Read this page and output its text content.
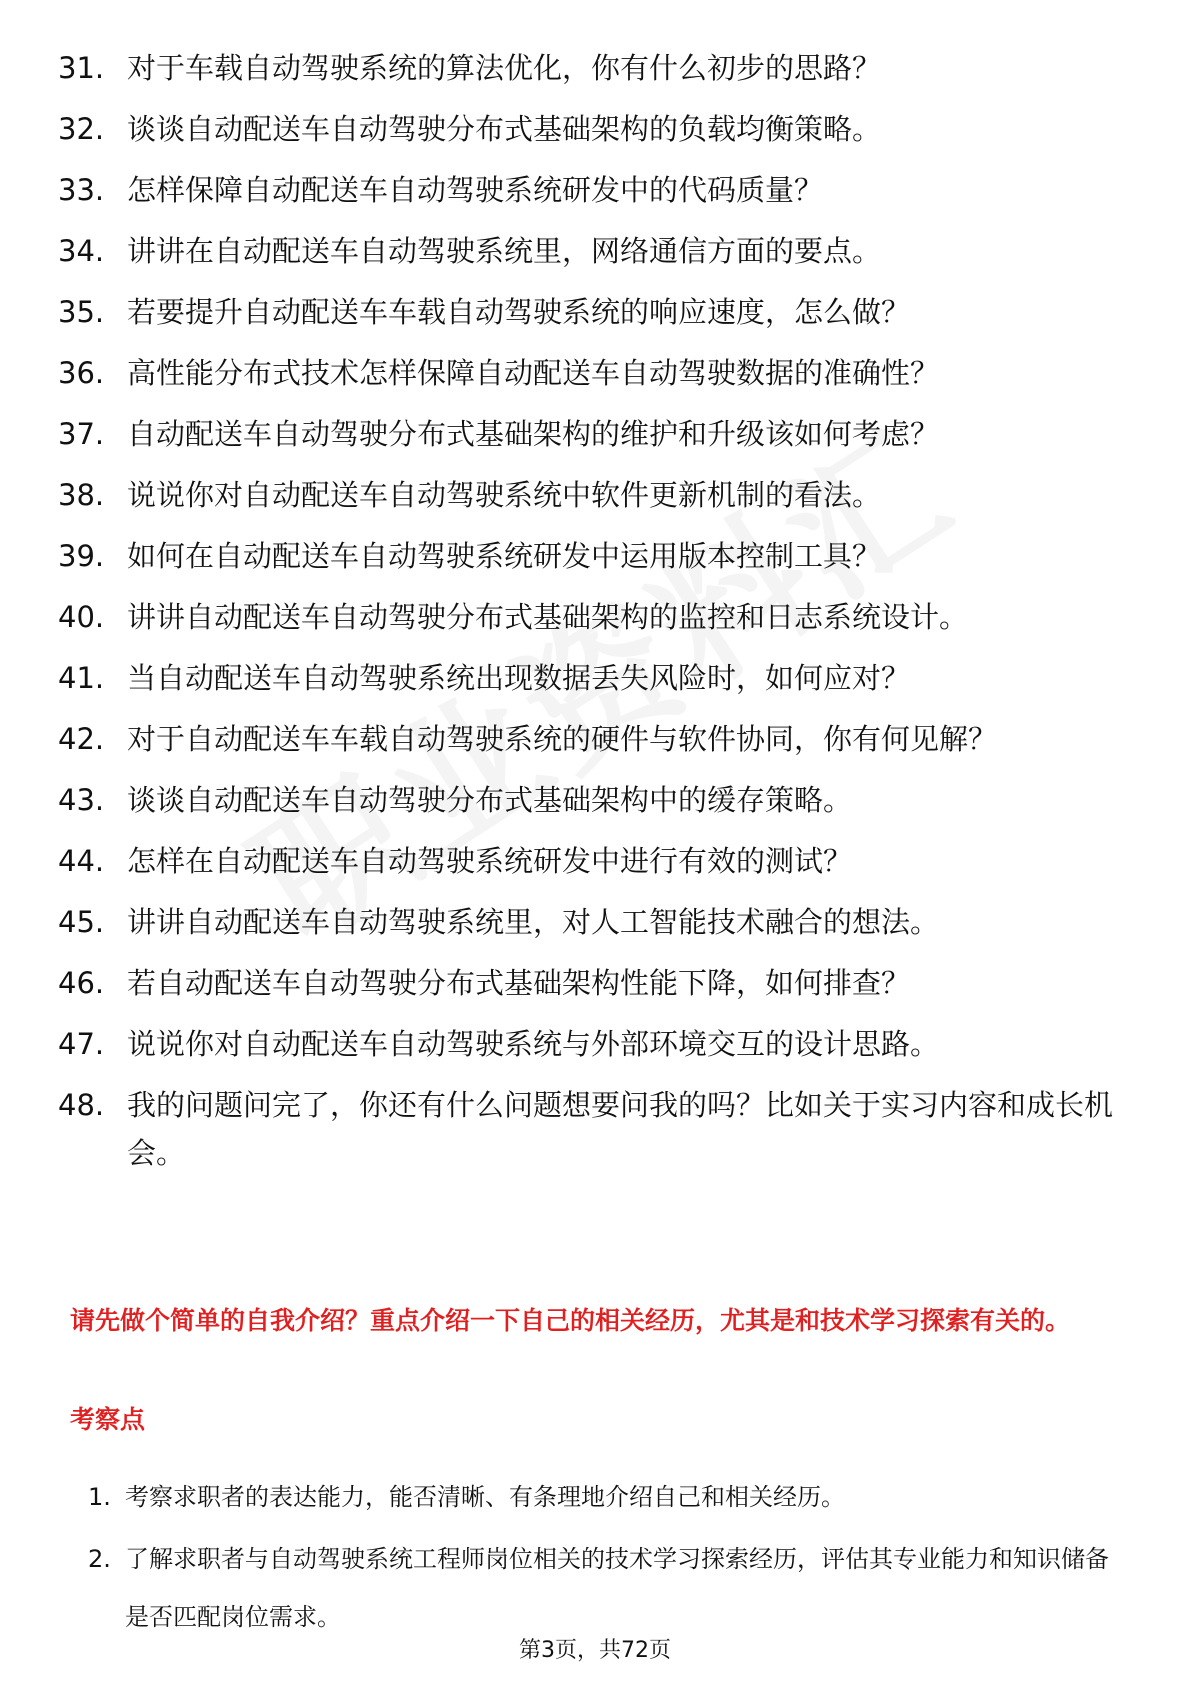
31. 对于车载自动驾驶系统的算法优化，你有什么初步的思路？
32. 谈谈自动配送车自动驾驶分布式基础架构的负载均衡策略。
33. 怎样保障自动配送车自动驾驶系统研发中的代码质量？
34. 讲讲在自动配送车自动驾驶系统里，网络通信方面的要点。
35. 若要提升自动配送车车载自动驾驶系统的响应速度，怎么做？
36. 高性能分布式技术怎样保障自动配送车自动驾驶数据的准确性？
37. 自动配送车自动驾驶分布式基础架构的维护和升级该如何考虑？
38. 说说你对自动配送车自动驾驶系统中软件更新机制的看法。
39. 如何在自动配送车自动驾驶系统研发中运用版本控制工具？
40. 讲讲自动配送车自动驾驶分布式基础架构的监控和日志系统设计。
41. 当自动配送车自动驾驶系统出现数据丢失风险时，如何应对？
42. 对于自动配送车车载自动驾驶系统的硬件与软件协同，你有何见解？
43. 谈谈自动配送车自动驾驶分布式基础架构中的缓存策略。
44. 怎样在自动配送车自动驾驶系统研发中进行有效的测试？
45. 讲讲自动配送车自动驾驶系统里，对人工智能技术融合的想法。
46. 若自动配送车自动驾驶分布式基础架构性能下降，如何排查？
47. 说说你对自动配送车自动驾驶系统与外部环境交互的设计思路。
48. 我的问题问完了，你还有什么问题想要问我的吗？比如关于实习内容和成长机会。
请先做个简单的自我介绍？重点介绍一下自己的相关经历，尤其是和技术学习探索有关的。
考察点
1. 考察求职者的表达能力，能否清晰、有条理地介绍自己和相关经历。
2. 了解求职者与自动驾驶系统工程师岗位相关的技术学习探索经历，评估其专业能力和知识储备是否匹配岗位需求。
第3页，共72页
